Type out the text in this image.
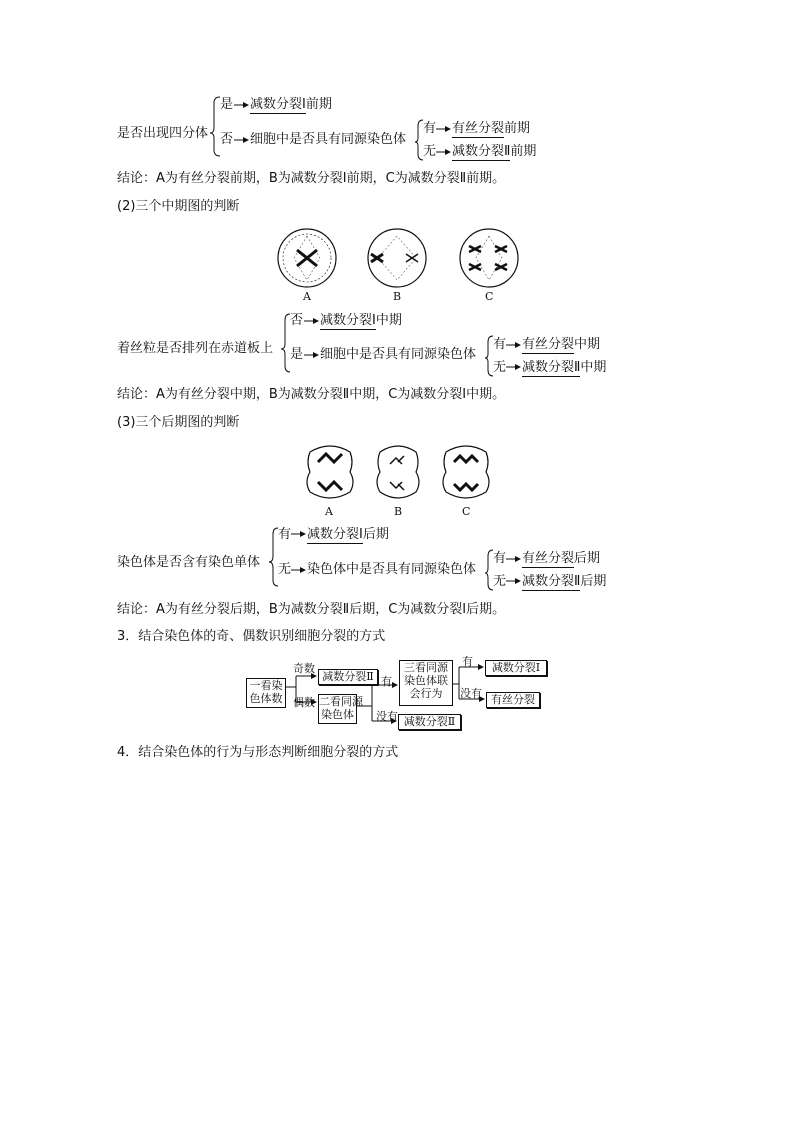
是否出现四分体
是 减数分裂Ⅰ前期
否 细胞中是否具有同源染色体
有 有丝分裂前期
无 减数分裂Ⅱ前期
结论：A为有丝分裂前期，B为减数分裂Ⅰ前期，C为减数分裂Ⅱ前期。
(2)三个中期图的判断
A	B	C
着丝粒是否排列在赤道板上
否 减数分裂Ⅰ中期
是 细胞中是否具有同源染色体
有 有丝分裂中期
无 减数分裂Ⅱ中期
结论：A为有丝分裂中期，B为减数分裂Ⅱ中期，C为减数分裂Ⅰ中期。
(3)三个后期图的判断
A	B	C
染色体是否含有染色单体
有 减数分裂Ⅰ后期
无 染色体中是否具有同源染色体
有 有丝分裂后期
无 减数分裂Ⅱ后期
结论：A为有丝分裂后期，B为减数分裂Ⅱ后期，C为减数分裂Ⅰ后期。
3．结合染色体的奇、偶数识别细胞分裂的方式
一看染
色体数
奇数
减数分裂Ⅱ
偶数 二看同源
染色体
有
三看同源
染色体联
会行为
没有 减数分裂Ⅱ
有	减数分裂Ⅰ
没有 有丝分裂
4．结合染色体的行为与形态判断细胞分裂的方式
